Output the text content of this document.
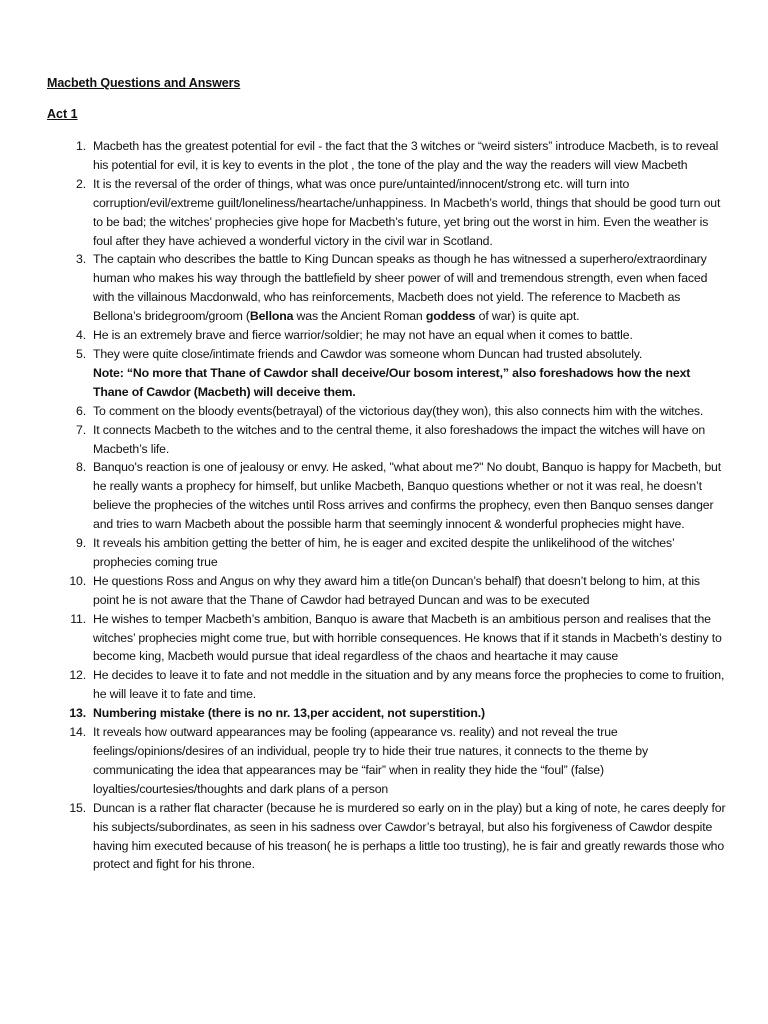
Macbeth Questions and Answers
Act 1
1. Macbeth has the greatest potential for evil - the fact that the 3 witches or “weird sisters” introduce Macbeth, is to reveal his potential for evil, it is key to events in the plot , the tone of the play and the way the readers will view Macbeth
2. It is the reversal of the order of things, what was once pure/untainted/innocent/strong etc. will turn into corruption/evil/extreme guilt/loneliness/heartache/unhappiness. In Macbeth’s world, things that should be good turn out to be bad; the witches’ prophecies give hope for Macbeth’s future, yet bring out the worst in him. Even the weather is foul after they have achieved a wonderful victory in the civil war in Scotland.
3. The captain who describes the battle to King Duncan speaks as though he has witnessed a superhero/extraordinary human who makes his way through the battlefield by sheer power of will and tremendous strength, even when faced with the villainous Macdonwald, who has reinforcements, Macbeth does not yield. The reference to Macbeth as Bellona’s bridegroom/groom (Bellona was the Ancient Roman goddess of war) is quite apt.
4. He is an extremely brave and fierce warrior/soldier; he may not have an equal when it comes to battle.
5. They were quite close/intimate friends and Cawdor was someone whom Duncan had trusted absolutely.
Note: “No more that Thane of Cawdor shall deceive/Our bosom interest,” also foreshadows how the next Thane of Cawdor (Macbeth) will deceive them.
6. To comment on the bloody events(betrayal) of the victorious day(they won), this also connects him with the witches.
7. It connects Macbeth to the witches and to the central theme, it also foreshadows the impact the witches will have on Macbeth’s life.
8. Banquo's reaction is one of jealousy or envy. He asked, "what about me?" No doubt, Banquo is happy for Macbeth, but he really wants a prophecy for himself, but unlike Macbeth, Banquo questions whether or not it was real, he doesn’t believe the prophecies of the witches until Ross arrives and confirms the prophecy, even then Banquo senses danger and tries to warn Macbeth about the possible harm that seemingly innocent & wonderful prophecies might have.
9. It reveals his ambition getting the better of him, he is eager and excited despite the unlikelihood of the witches’ prophecies coming true
10. He questions Ross and Angus on why they award him a title(on Duncan’s behalf) that doesn’t belong to him, at this point he is not aware that the Thane of Cawdor had betrayed Duncan and was to be executed
11. He wishes to temper Macbeth’s ambition, Banquo is aware that Macbeth is an ambitious person and realises that the witches’ prophecies might come true, but with horrible consequences. He knows that if it stands in Macbeth’s destiny to become king, Macbeth would pursue that ideal regardless of the chaos and heartache it may cause
12. He decides to leave it to fate and not meddle in the situation and by any means force the prophecies to come to fruition, he will leave it to fate and time.
13. Numbering mistake (there is no nr. 13,per accident, not superstition.)
14. It reveals how outward appearances may be fooling (appearance vs. reality) and not reveal the true feelings/opinions/desires of an individual, people try to hide their true natures, it connects to the theme by communicating the idea that appearances may be “fair” when in reality they hide the “foul” (false) loyalties/courtesies/thoughts and dark plans of a person
15. Duncan is a rather flat character (because he is murdered so early on in the play) but a king of note, he cares deeply for his subjects/subordinates, as seen in his sadness over Cawdor’s betrayal, but also his forgiveness of Cawdor despite having him executed because of his treason( he is perhaps a little too trusting), he is fair and greatly rewards those who protect and fight for his throne.
